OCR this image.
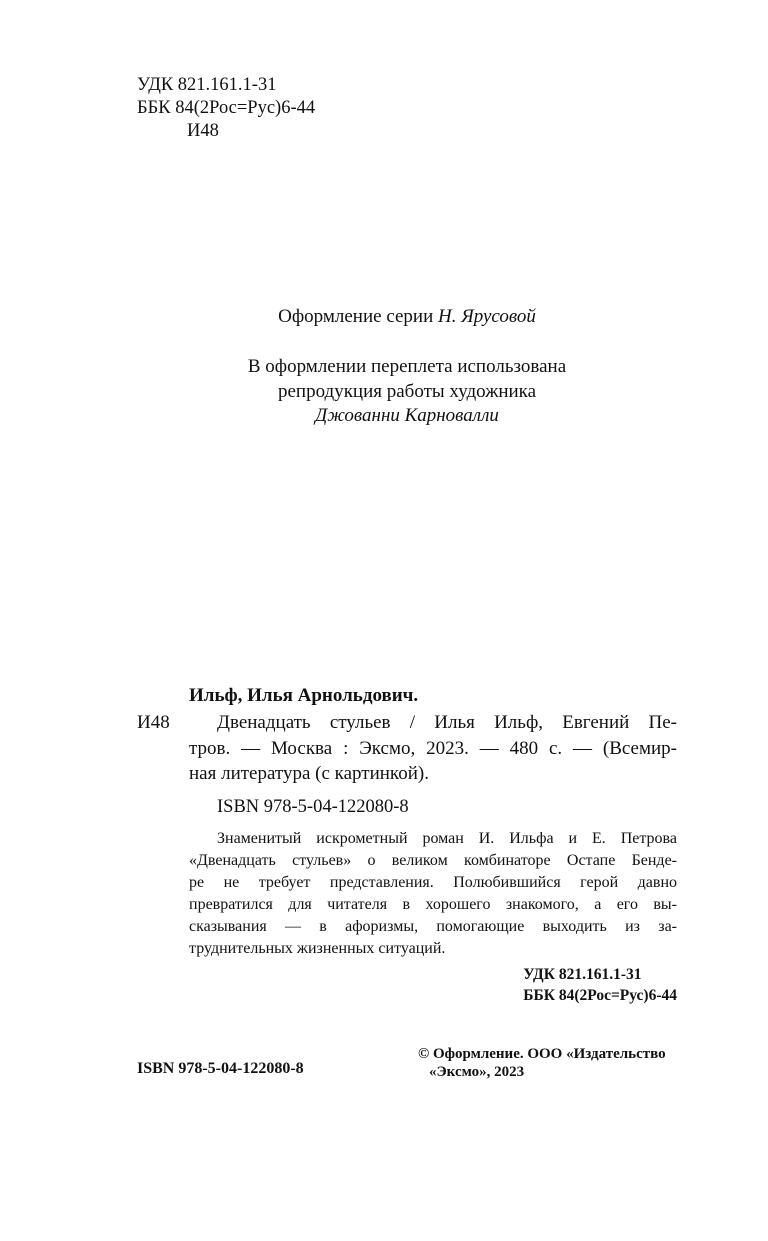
УДК 821.161.1-31
ББК 84(2Рос=Рус)6-44
И48
Оформление серии Н. Ярусовой
В оформлении переплета использована
репродукция работы художника
Джованни Карновалли
Ильф, Илья Арнольдович.
И48	Двенадцать стульев / Илья Ильф, Евгений Пе-
тров. — Москва : Эксмо, 2023. — 480 с. — (Всемир-
ная литература (с картинкой).
ISBN 978-5-04-122080-8
Знаменитый искрометный роман И. Ильфа и Е. Петрова
«Двенадцать стульев» о великом комбинаторе Остапе Бенде-
ре не требует представления. Полюбившийся герой давно
превратился для читателя в хорошего знакомого, а его вы-
сказывания — в афоризмы, помогающие выходить из за-
труднительных жизненных ситуаций.
УДК 821.161.1-31
ББК 84(2Рос=Рус)6-44
ISBN 978-5-04-122080-8
© Оформление. ООО «Издательство
«Эксмо», 2023
